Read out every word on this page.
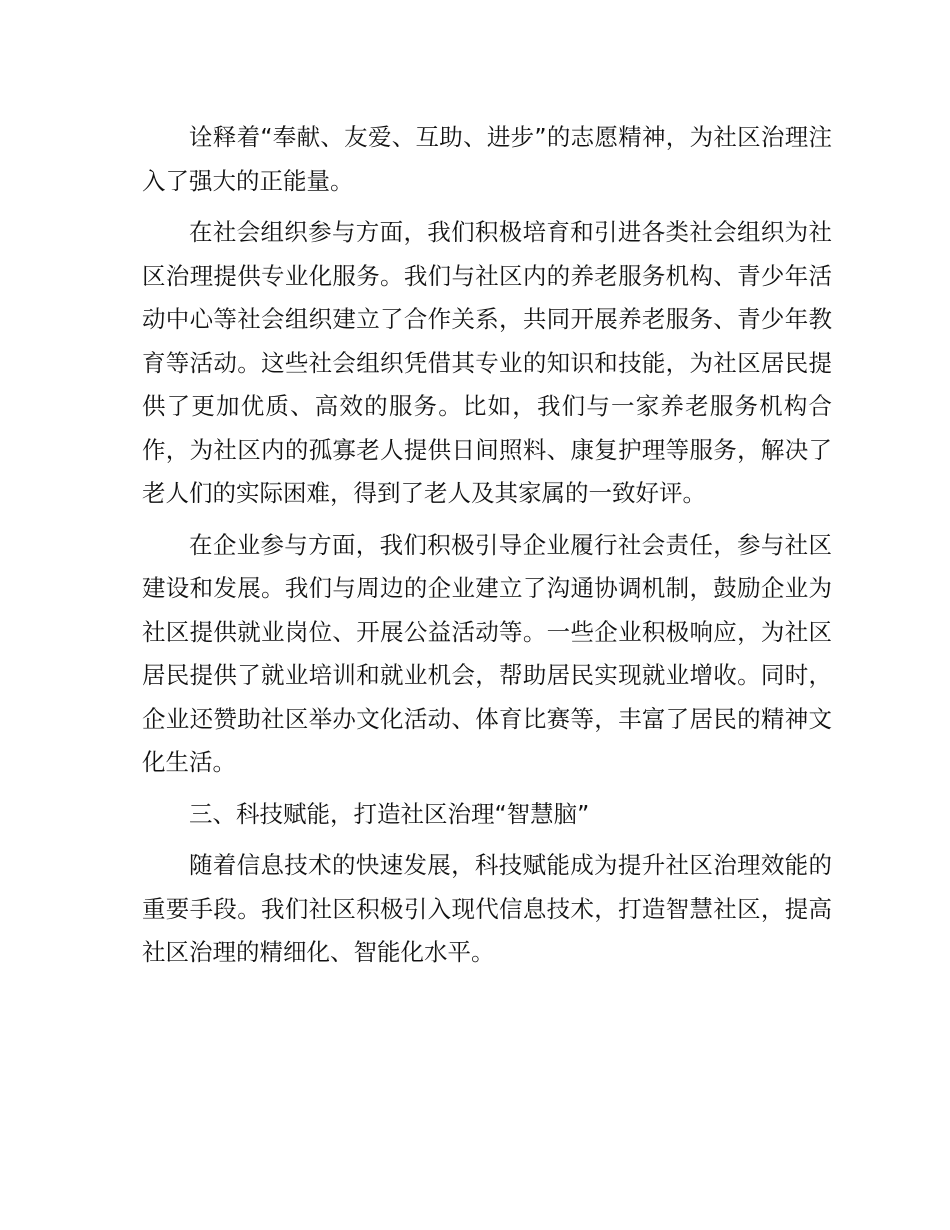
诠释着“奉献、友爱、互助、进步”的志愿精神，为社区治理注入了强大的正能量。

在社会组织参与方面，我们积极培育和引进各类社会组织为社区治理提供专业化服务。我们与社区内的养老服务机构、青少年活动中心等社会组织建立了合作关系，共同开展养老服务、青少年教育等活动。这些社会组织凭借其专业的知识和技能，为社区居民提供了更加优质、高效的服务。比如，我们与一家养老服务机构合作，为社区内的孤寡老人提供日间照料、康复护理等服务，解决了老人们的实际困难，得到了老人及其家属的一致好评。

在企业参与方面，我们积极引导企业履行社会责任，参与社区建设和发展。我们与周边的企业建立了沟通协调机制，鼓励企业为社区提供就业岗位、开展公益活动等。一些企业积极响应，为社区居民提供了就业培训和就业机会，帮助居民实现就业增收。同时，企业还赞助社区举办文化活动、体育比赛等，丰富了居民的精神文化生活。

三、科技赋能，打造社区治理“智慧脑”

随着信息技术的快速发展，科技赋能成为提升社区治理效能的重要手段。我们社区积极引入现代信息技术，打造智慧社区，提高社区治理的精细化、智能化水平。
